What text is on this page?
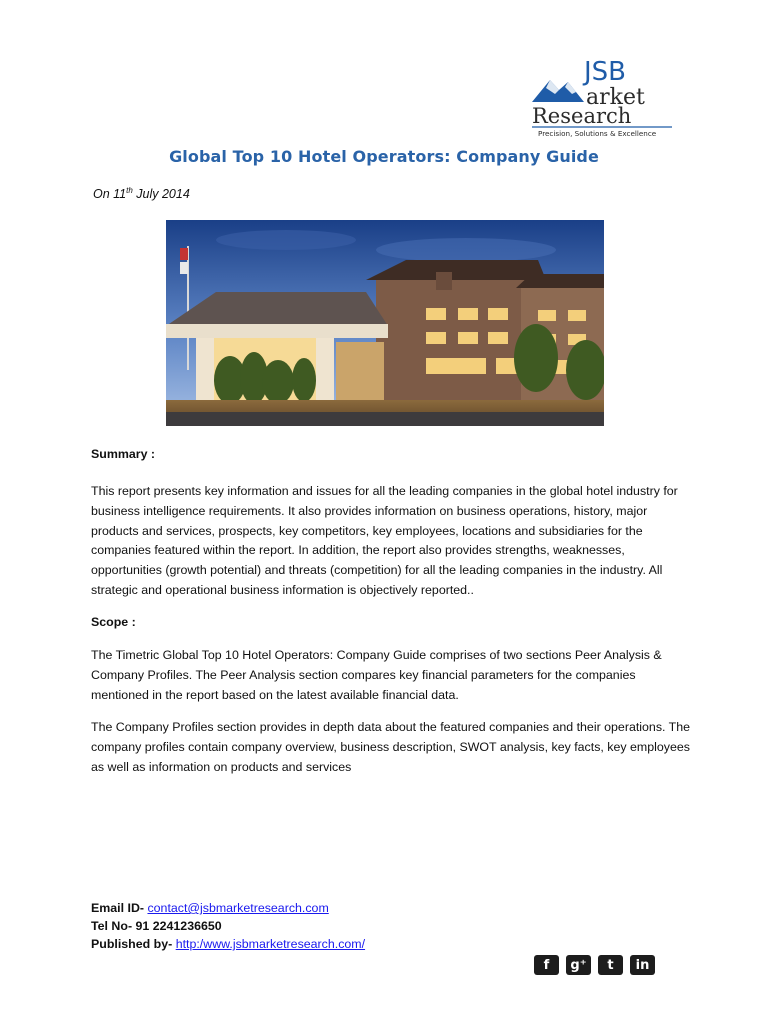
JSB
arket
Research
Precision, Solutions & Excellence
Global Top 10 Hotel Operators: Company Guide
On 11th July 2014
Summary :
This report presents key information and issues for all the leading companies in the global hotel industry for business intelligence requirements. It also provides information on business operations, history, major products and services, prospects, key competitors, key employees, locations and subsidiaries for the companies featured within the report. In addition, the report also provides strengths, weaknesses, opportunities (growth potential) and threats (competition) for all the leading companies in the industry. All strategic and operational business information is objectively reported..
Scope :
The Timetric Global Top 10 Hotel Operators: Company Guide comprises of two sections Peer Analysis & Company Profiles. The Peer Analysis section compares key financial parameters for the companies mentioned in the report based on the latest available financial data.
The Company Profiles section provides in depth data about the featured companies and their operations. The company profiles contain company overview, business description, SWOT analysis, key facts, key employees as well as information on products and services
Email ID- contact@jsbmarketresearch.com
Tel No- 91 2241236650
Published by- http:/www.jsbmarketresearch.com/
f	g⁺	t	in
